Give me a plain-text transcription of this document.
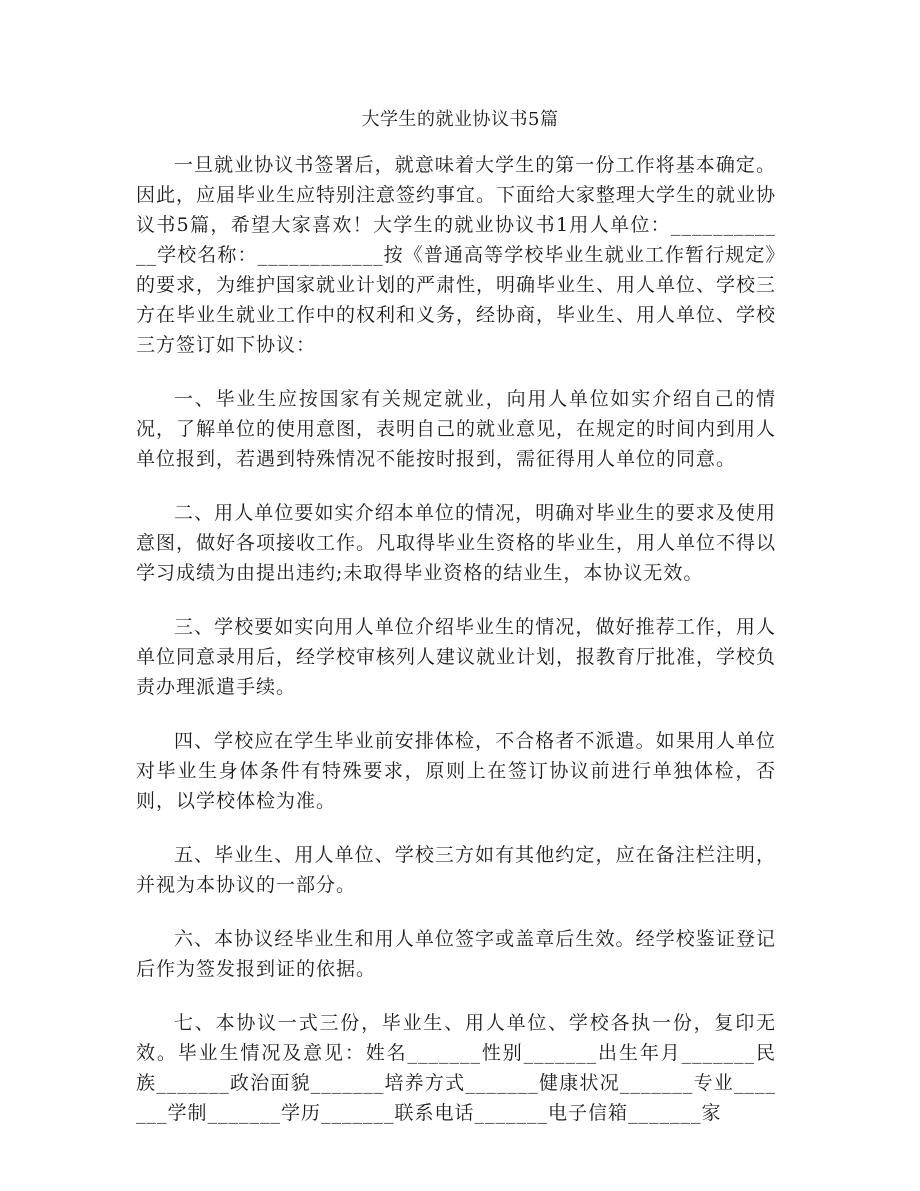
大学生的就业协议书5篇

一旦就业协议书签署后，就意味着大学生的第一份工作将基本确定。因此，应届毕业生应特别注意签约事宜。下面给大家整理大学生的就业协议书5篇，希望大家喜欢！大学生的就业协议书1用人单位：____________学校名称：____________按《普通高等学校毕业生就业工作暂行规定》的要求，为维护国家就业计划的严肃性，明确毕业生、用人单位、学校三方在毕业生就业工作中的权利和义务，经协商，毕业生、用人单位、学校三方签订如下协议：

一、毕业生应按国家有关规定就业，向用人单位如实介绍自己的情况，了解单位的使用意图，表明自己的就业意见，在规定的时间内到用人单位报到，若遇到特殊情况不能按时报到，需征得用人单位的同意。

二、用人单位要如实介绍本单位的情况，明确对毕业生的要求及使用意图，做好各项接收工作。凡取得毕业生资格的毕业生，用人单位不得以学习成绩为由提出违约;未取得毕业资格的结业生，本协议无效。

三、学校要如实向用人单位介绍毕业生的情况，做好推荐工作，用人单位同意录用后，经学校审核列人建议就业计划，报教育厅批准，学校负责办理派遣手续。

四、学校应在学生毕业前安排体检，不合格者不派遣。如果用人单位对毕业生身体条件有特殊要求，原则上在签订协议前进行单独体检，否则，以学校体检为准。

五、毕业生、用人单位、学校三方如有其他约定，应在备注栏注明，并视为本协议的一部分。

六、本协议经毕业生和用人单位签字或盖章后生效。经学校鉴证登记后作为签发报到证的依据。

七、本协议一式三份，毕业生、用人单位、学校各执一份，复印无效。毕业生情况及意见：姓名_______性别_______出生年月_______民族_______政治面貌_______培养方式_______健康状况_______专业_______学制_______学历_______联系电话_______电子信箱_______家
